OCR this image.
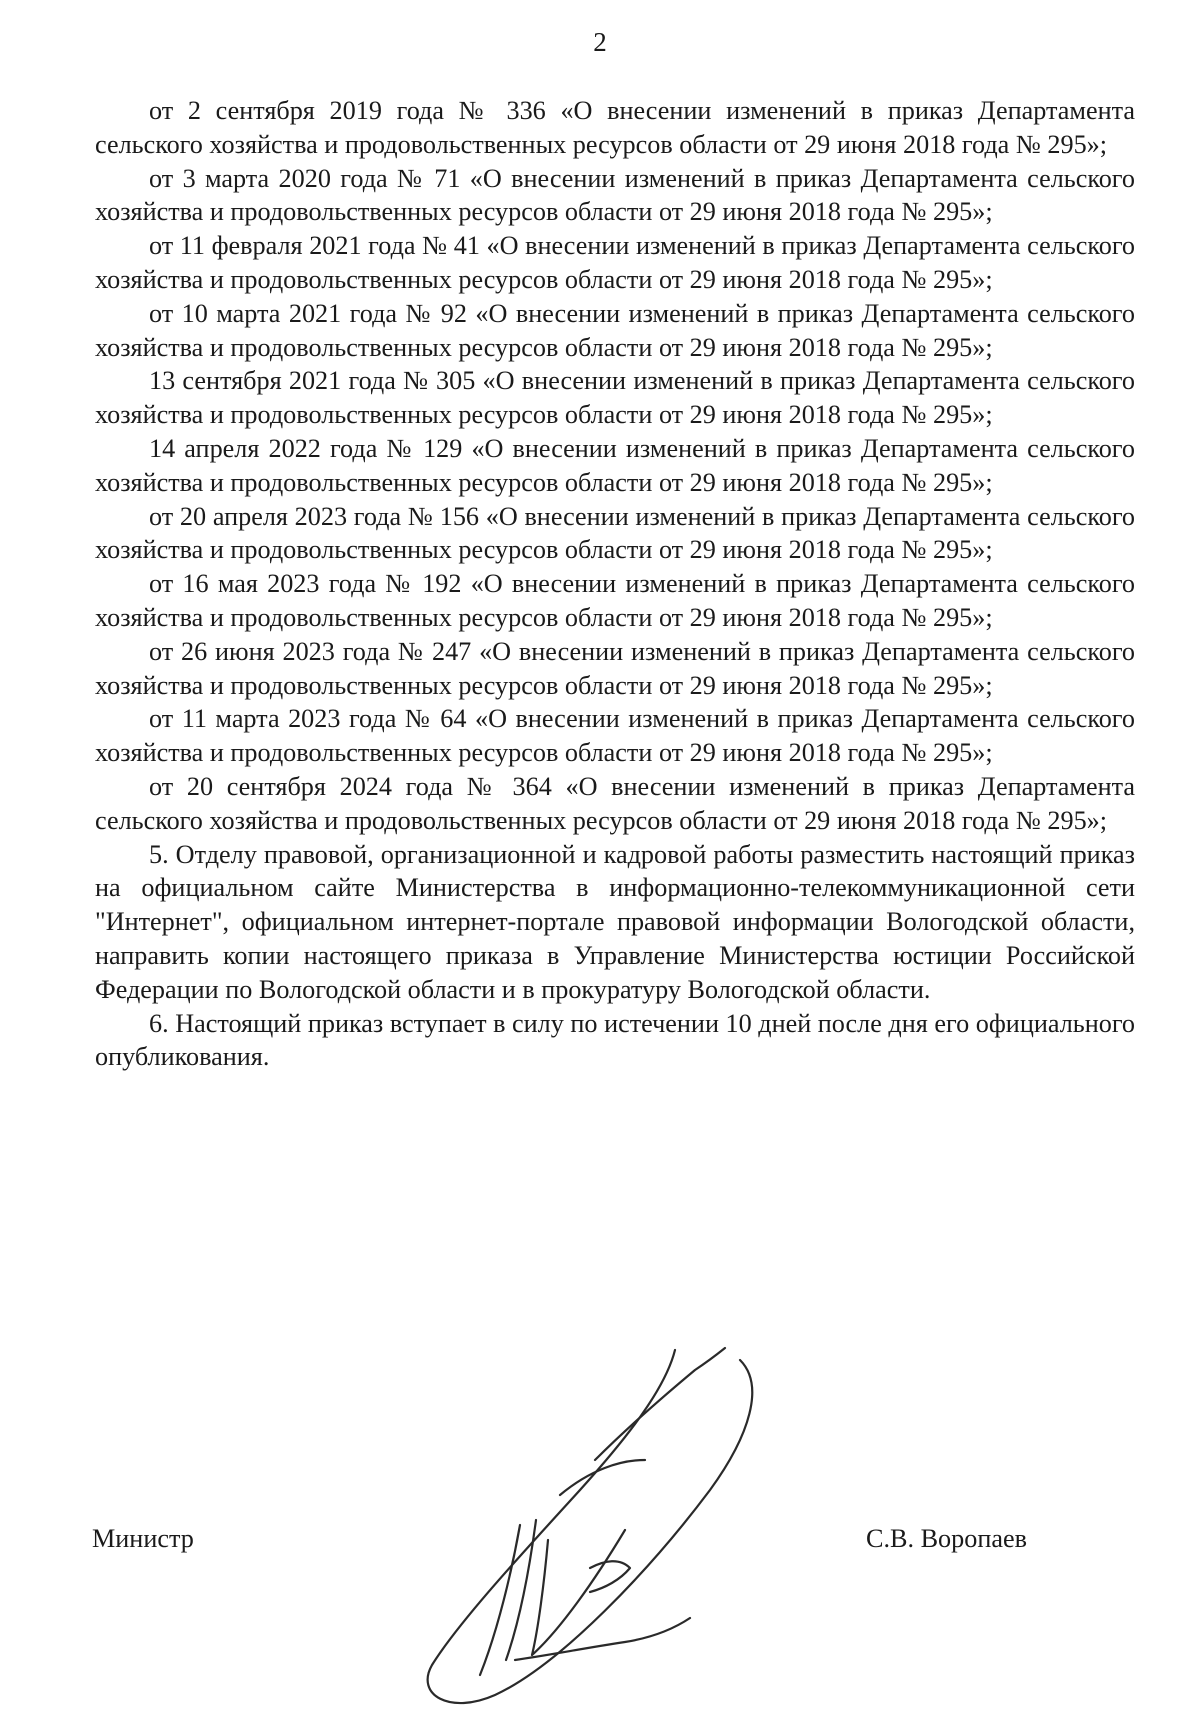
2

от 2 сентября 2019 года № 336 «О внесении изменений в приказ Департамента сельского хозяйства и продовольственных ресурсов области от 29 июня 2018 года № 295»;

от 3 марта 2020 года № 71 «О внесении изменений в приказ Департамента сельского хозяйства и продовольственных ресурсов области от 29 июня 2018 года № 295»;

от 11 февраля 2021 года № 41 «О внесении изменений в приказ Департамента сельского хозяйства и продовольственных ресурсов области от 29 июня 2018 года № 295»;

от 10 марта 2021 года № 92 «О внесении изменений в приказ Департамента сельского хозяйства и продовольственных ресурсов области от 29 июня 2018 года № 295»;

13 сентября 2021 года № 305 «О внесении изменений в приказ Департамента сельского хозяйства и продовольственных ресурсов области от 29 июня 2018 года № 295»;

14 апреля 2022 года № 129 «О внесении изменений в приказ Департамента сельского хозяйства и продовольственных ресурсов области от 29 июня 2018 года № 295»;

от 20 апреля 2023 года № 156 «О внесении изменений в приказ Департамента сельского хозяйства и продовольственных ресурсов области от 29 июня 2018 года № 295»;

от 16 мая 2023 года № 192 «О внесении изменений в приказ Департамента сельского хозяйства и продовольственных ресурсов области от 29 июня 2018 года № 295»;

от 26 июня 2023 года № 247 «О внесении изменений в приказ Департамента сельского хозяйства и продовольственных ресурсов области от 29 июня 2018 года № 295»;

от 11 марта 2023 года № 64 «О внесении изменений в приказ Департамента сельского хозяйства и продовольственных ресурсов области от 29 июня 2018 года № 295»;

от 20 сентября 2024 года № 364 «О внесении изменений в приказ Департамента сельского хозяйства и продовольственных ресурсов области от 29 июня 2018 года № 295»;

5. Отделу правовой, организационной и кадровой работы разместить настоящий приказ на официальном сайте Министерства в информационно-телекоммуникационной сети "Интернет", официальном интернет-портале правовой информации Вологодской области, направить копии настоящего приказа в Управление Министерства юстиции Российской Федерации по Вологодской области и в прокуратуру Вологодской области.

6. Настоящий приказ вступает в силу по истечении 10 дней после дня его официального опубликования.

Министр	С.В. Воропаев
